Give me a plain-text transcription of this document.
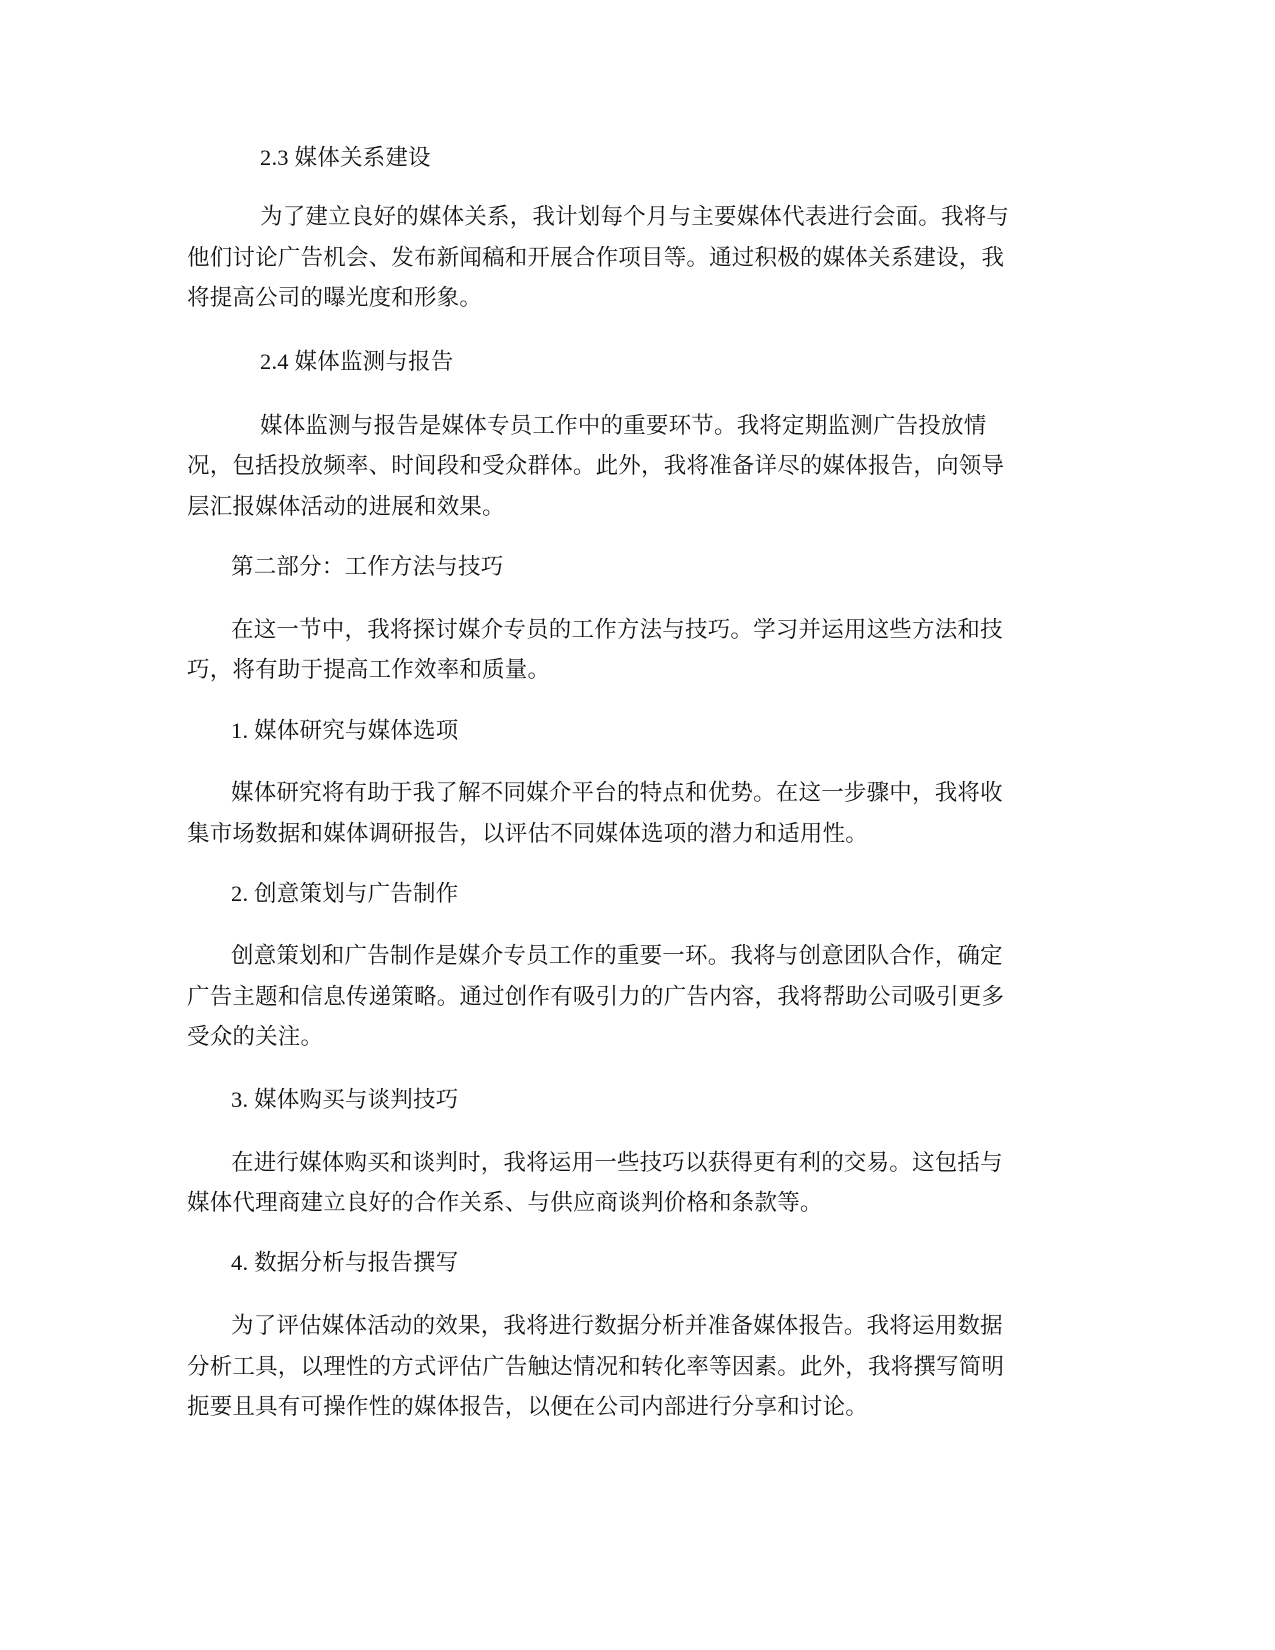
2.3 媒体关系建设
为了建立良好的媒体关系，我计划每个月与主要媒体代表进行会面。我将与
他们讨论广告机会、发布新闻稿和开展合作项目等。通过积极的媒体关系建设，我
将提高公司的曝光度和形象。
2.4 媒体监测与报告
媒体监测与报告是媒体专员工作中的重要环节。我将定期监测广告投放情
况，包括投放频率、时间段和受众群体。此外，我将准备详尽的媒体报告，向领导
层汇报媒体活动的进展和效果。
第二部分：工作方法与技巧
在这一节中，我将探讨媒介专员的工作方法与技巧。学习并运用这些方法和技
巧，将有助于提高工作效率和质量。
1. 媒体研究与媒体选项
媒体研究将有助于我了解不同媒介平台的特点和优势。在这一步骤中，我将收
集市场数据和媒体调研报告，以评估不同媒体选项的潜力和适用性。
2. 创意策划与广告制作
创意策划和广告制作是媒介专员工作的重要一环。我将与创意团队合作，确定
广告主题和信息传递策略。通过创作有吸引力的广告内容，我将帮助公司吸引更多
受众的关注。
3. 媒体购买与谈判技巧
在进行媒体购买和谈判时，我将运用一些技巧以获得更有利的交易。这包括与
媒体代理商建立良好的合作关系、与供应商谈判价格和条款等。
4. 数据分析与报告撰写
为了评估媒体活动的效果，我将进行数据分析并准备媒体报告。我将运用数据
分析工具，以理性的方式评估广告触达情况和转化率等因素。此外，我将撰写简明
扼要且具有可操作性的媒体报告，以便在公司内部进行分享和讨论。
